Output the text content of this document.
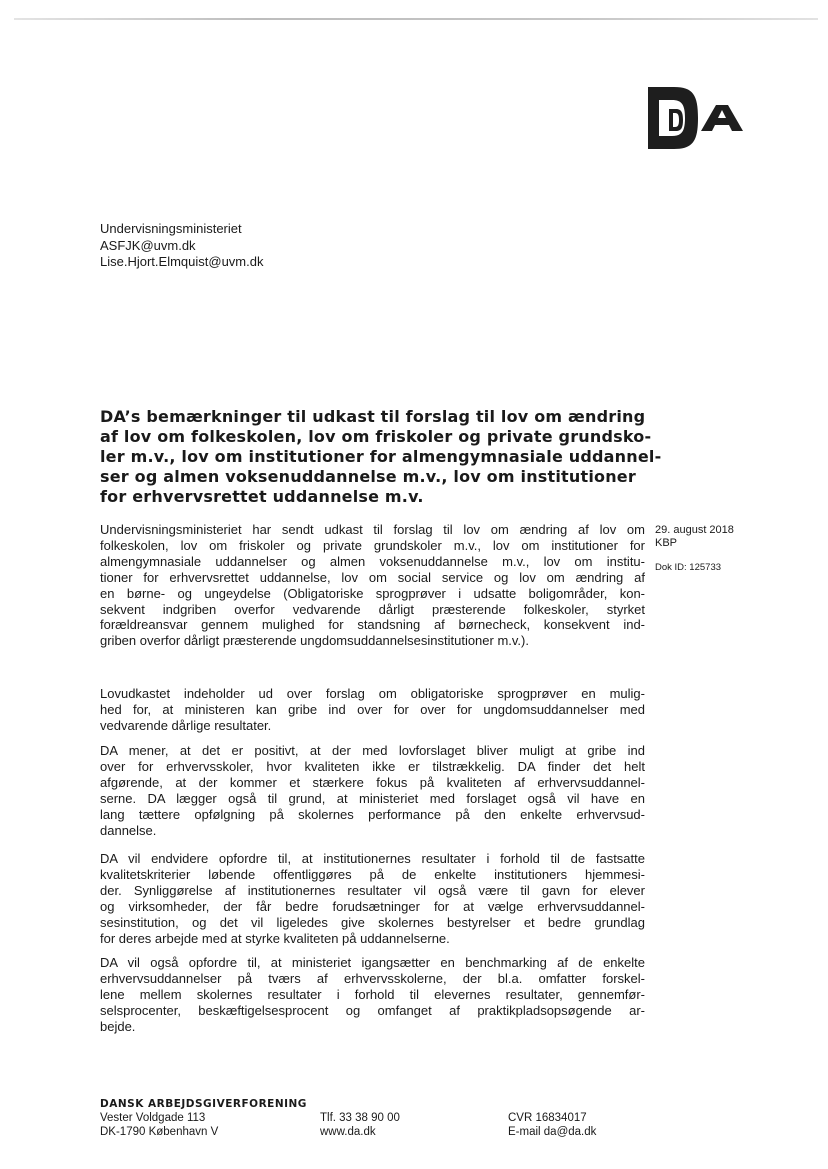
Undervisningsministeriet
ASFJK@uvm.dk
Lise.Hjort.Elmquist@uvm.dk
DA’s bemærkninger til udkast til forslag til lov om ændring
af lov om folkeskolen, lov om friskoler og private grundsko-
ler m.v., lov om institutioner for almengymnasiale uddannel-
ser og almen voksenuddannelse m.v., lov om institutioner
for erhvervsrettet uddannelse m.v.
29. august 2018
KBP
Dok ID: 125733
Undervisningsministeriet har sendt udkast til forslag til lov om ændring af lov om
folkeskolen, lov om friskoler og private grundskoler m.v., lov om institutioner for
almengymnasiale uddannelser og almen voksenuddannelse m.v., lov om institu-
tioner for erhvervsrettet uddannelse, lov om social service og lov om ændring af
en børne- og ungeydelse (Obligatoriske sprogprøver i udsatte boligområder, kon-
sekvent indgriben overfor vedvarende dårligt præsterende folkeskoler, styrket
forældreansvar gennem mulighed for standsning af børnecheck, konsekvent ind-
griben overfor dårligt præsterende ungdomsuddannelsesinstitutioner m.v.).
Lovudkastet indeholder ud over forslag om obligatoriske sprogprøver en mulig-
hed for, at ministeren kan gribe ind over for over for ungdomsuddannelser med
vedvarende dårlige resultater.
DA mener, at det er positivt, at der med lovforslaget bliver muligt at gribe ind
over for erhvervsskoler, hvor kvaliteten ikke er tilstrækkelig. DA finder det helt
afgørende, at der kommer et stærkere fokus på kvaliteten af erhvervsuddannel-
serne. DA lægger også til grund, at ministeriet med forslaget også vil have en
lang tættere opfølgning på skolernes performance på den enkelte erhvervsud-
dannelse.
DA vil endvidere opfordre til, at institutionernes resultater i forhold til de fastsatte
kvalitetskriterier løbende offentliggøres på de enkelte institutioners hjemmesi-
der. Synliggørelse af institutionernes resultater vil også være til gavn for elever
og virksomheder, der får bedre forudsætninger for at vælge erhvervsuddannel-
sesinstitution, og det vil ligeledes give skolernes bestyrelser et bedre grundlag
for deres arbejde med at styrke kvaliteten på uddannelserne.
DA vil også opfordre til, at ministeriet igangsætter en benchmarking af de enkelte
erhvervsuddannelser på tværs af erhvervsskolerne, der bl.a. omfatter forskel-
lene mellem skolernes resultater i forhold til elevernes resultater, gennemfør-
selsprocenter, beskæftigelsesprocent og omfanget af praktikpladsopsøgende ar-
bejde.
DANSK ARBEJDSGIVERFORENING
Vester Voldgade 113
DK-1790 København V
Tlf. 33 38 90 00
www.da.dk
CVR 16834017
E-mail da@da.dk
